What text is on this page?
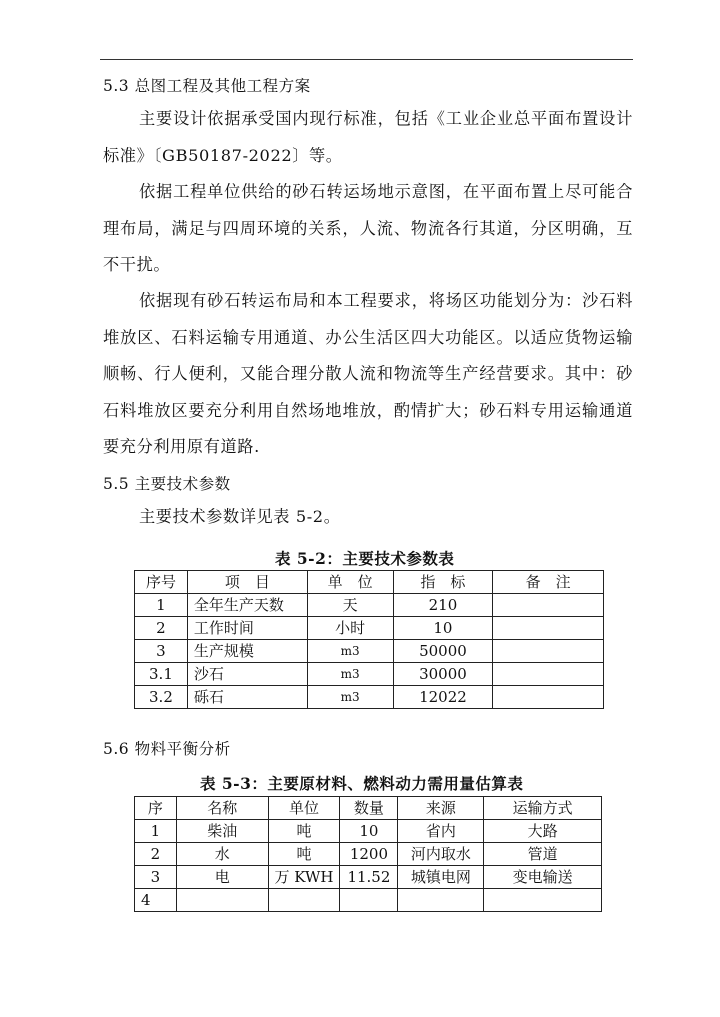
5.3 总图工程及其他工程方案
主要设计依据承受国内现行标准，包括《工业企业总平面布置设计标准》〔GB50187-2022〕等。
依据工程单位供给的砂石转运场地示意图，在平面布置上尽可能合理布局，满足与四周环境的关系，人流、物流各行其道，分区明确，互不干扰。
依据现有砂石转运布局和本工程要求，将场区功能划分为：沙石料堆放区、石料运输专用通道、办公生活区四大功能区。以适应货物运输顺畅、行人便利，又能合理分散人流和物流等生产经营要求。其中：砂石料堆放区要充分利用自然场地堆放，酌情扩大；砂石料专用运输通道要充分利用原有道路.
5.5 主要技术参数
主要技术参数详见表 5-2。
表 5-2：主要技术参数表
序号	项　目	单　位	指　标	备　注
1	全年生产天数	天	210	
2	工作时间	小时	10	
3	生产规模	m3	50000	
3.1	沙石	m3	30000	
3.2	砾石	m3	12022	
5.6 物料平衡分析
表 5-3：主要原材料、燃料动力需用量估算表
序	名称	单位	数量	来源	运输方式
1	柴油	吨	10	省内	大路
2	水	吨	1200	河内取水	管道
3	电	万 KWH	11.52	城镇电网	变电输送
4					
